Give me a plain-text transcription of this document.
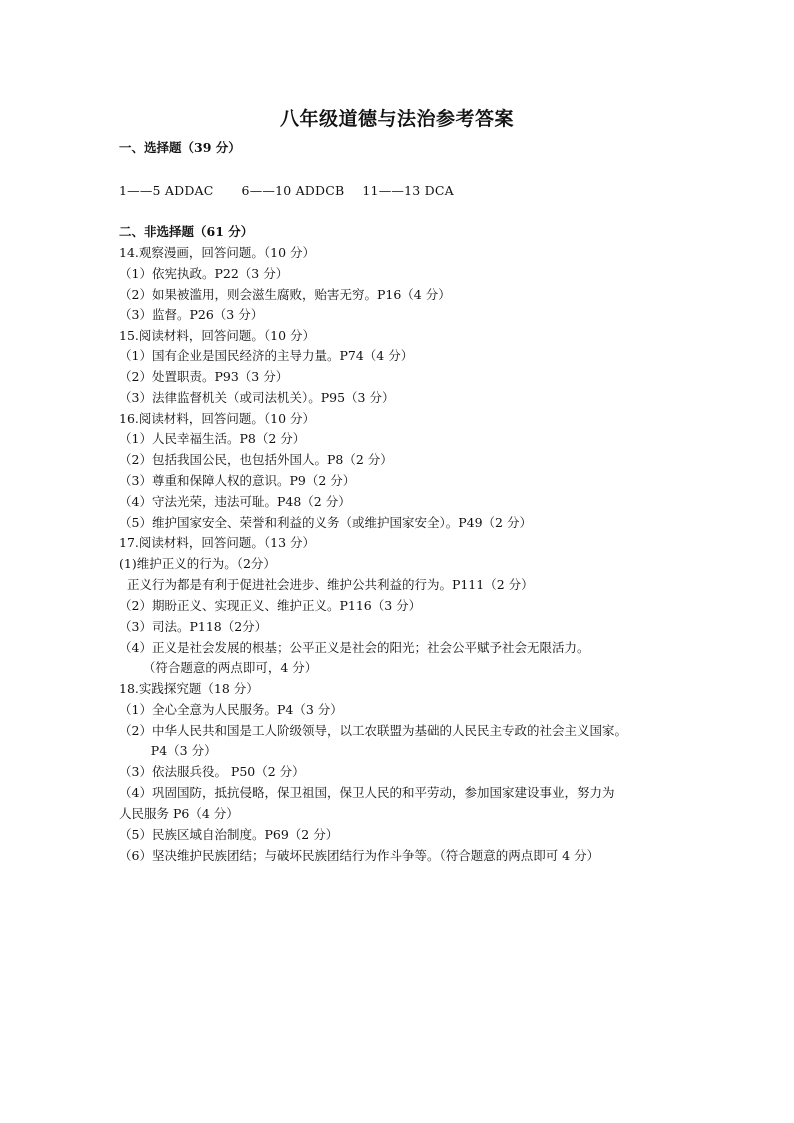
八年级道德与法治参考答案
一、选择题（39 分）
1——5 ADDAC 6——10 ADDCB 11——13 DCA
二、非选择题（61 分）
14.观察漫画，回答问题。（10 分）
（1）依宪执政。P22（3 分）
（2）如果被滥用，则会滋生腐败，贻害无穷。P16（4 分）
（3）监督。P26（3 分）
15.阅读材料，回答问题。（10 分）
（1）国有企业是国民经济的主导力量。P74（4 分）
（2）处置职责。P93（3 分）
（3）法律监督机关（或司法机关）。P95（3 分）
16.阅读材料，回答问题。（10 分）
（1）人民幸福生活。P8（2 分）
（2）包括我国公民，也包括外国人。P8（2 分）
（3）尊重和保障人权的意识。P9（2 分）
（4）守法光荣，违法可耻。P48（2 分）
（5）维护国家安全、荣誉和利益的义务（或维护国家安全）。P49（2 分）
17.阅读材料，回答问题。（13 分）
(1)维护正义的行为。（2分）
正义行为都是有利于促进社会进步、维护公共利益的行为。P111（2 分）
（2）期盼正义、实现正义、维护正义。P116（3 分）
（3）司法。P118（2分）
（4）正义是社会发展的根基；公平正义是社会的阳光；社会公平赋予社会无限活力。
（符合题意的两点即可，4 分）
18.实践探究题（18 分）
（1）全心全意为人民服务。P4（3 分）
（2）中华人民共和国是工人阶级领导，以工农联盟为基础的人民民主专政的社会主义国家。
P4（3 分）
（3）依法服兵役。 P50（2 分）
（4）巩固国防，抵抗侵略，保卫祖国，保卫人民的和平劳动，参加国家建设事业，努力为
人民服务 P6（4 分）
（5）民族区域自治制度。P69（2 分）
（6）坚决维护民族团结；与破坏民族团结行为作斗争等。（符合题意的两点即可 4 分）
